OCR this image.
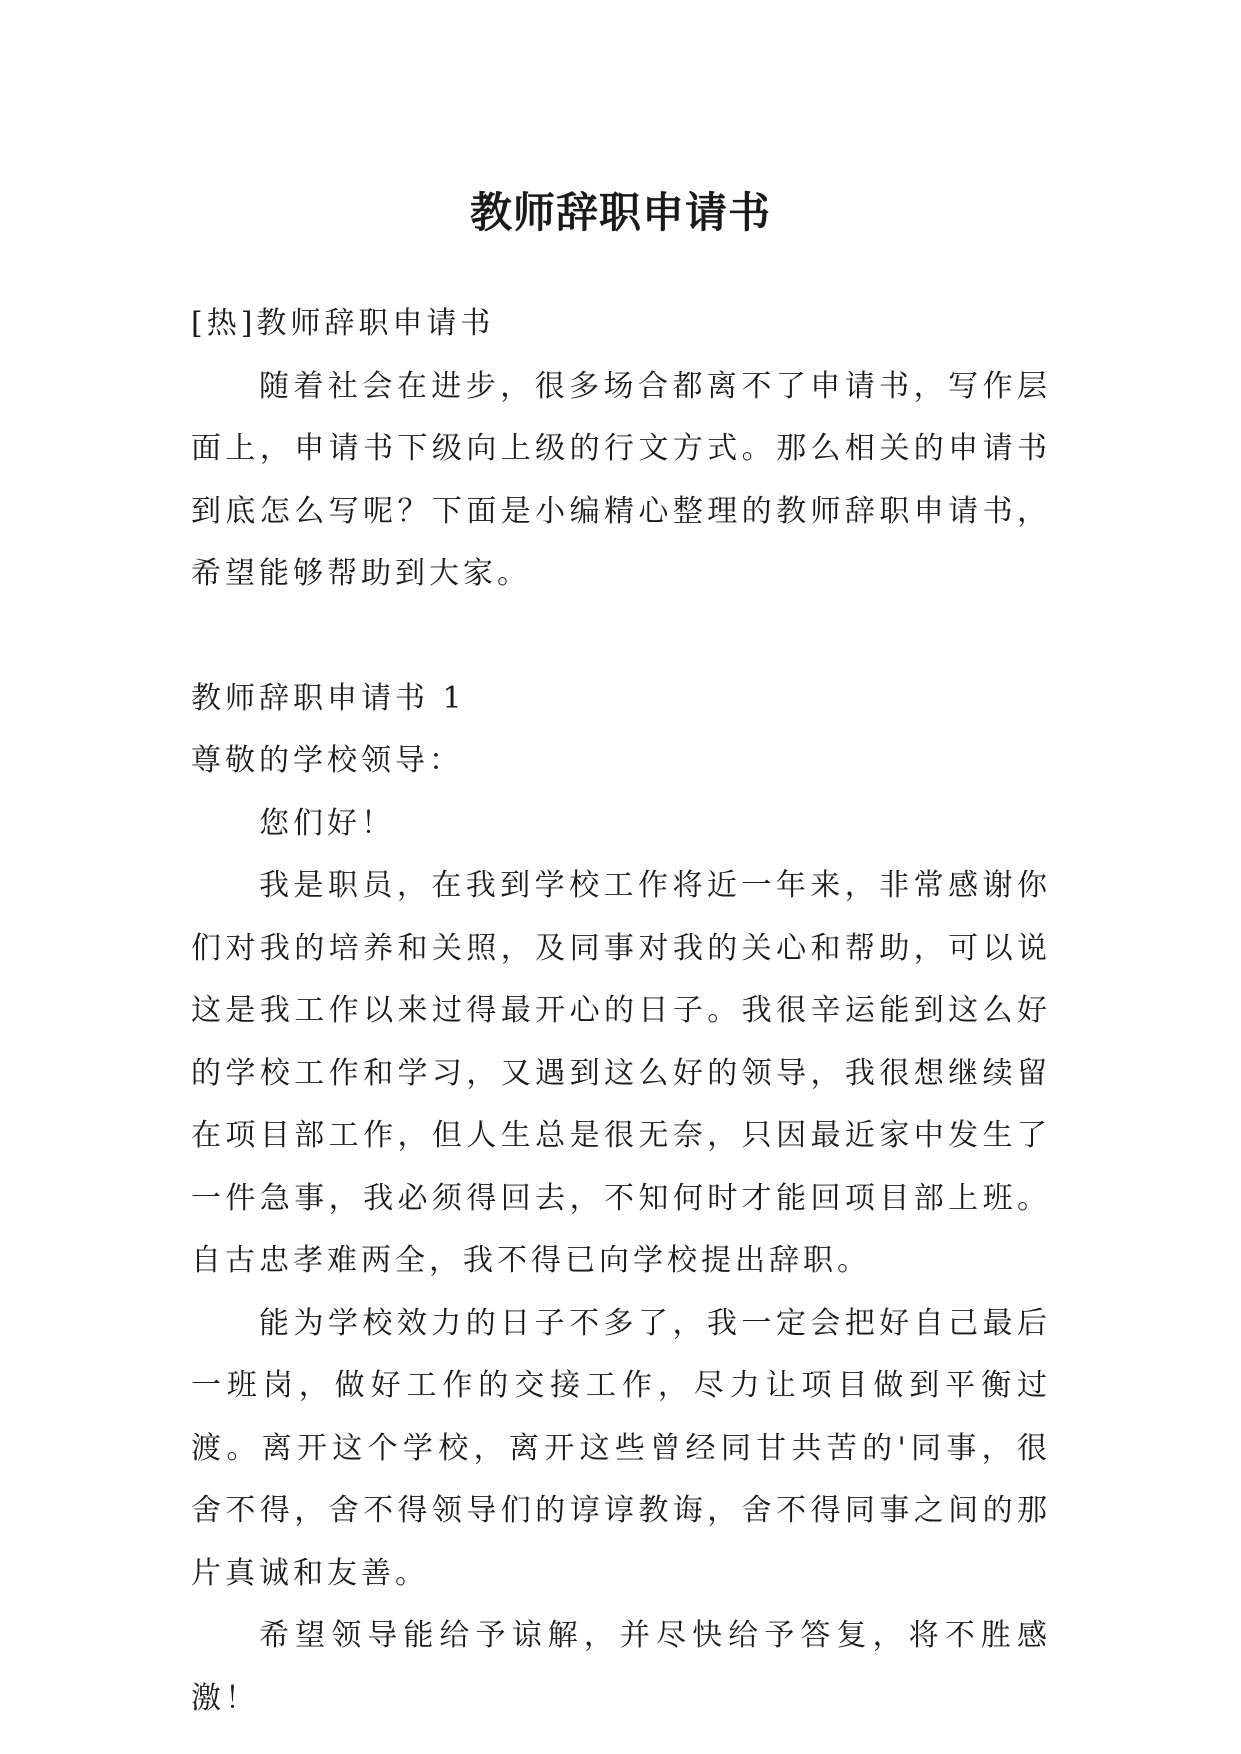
教师辞职申请书

[热]教师辞职申请书

随着社会在进步，很多场合都离不了申请书，写作层面上，申请书下级向上级的行文方式。那么相关的申请书到底怎么写呢？下面是小编精心整理的教师辞职申请书，希望能够帮助到大家。

教师辞职申请书 1

尊敬的学校领导：

您们好！

我是职员，在我到学校工作将近一年来，非常感谢你们对我的培养和关照，及同事对我的关心和帮助，可以说这是我工作以来过得最开心的日子。我很辛运能到这么好的学校工作和学习，又遇到这么好的领导，我很想继续留在项目部工作，但人生总是很无奈，只因最近家中发生了一件急事，我必须得回去，不知何时才能回项目部上班。自古忠孝难两全，我不得已向学校提出辞职。

能为学校效力的日子不多了，我一定会把好自己最后一班岗，做好工作的交接工作，尽力让项目做到平衡过渡。离开这个学校，离开这些曾经同甘共苦的'同事，很舍不得，舍不得领导们的谆谆教诲，舍不得同事之间的那片真诚和友善。

希望领导能给予谅解，并尽快给予答复，将不胜感激！
